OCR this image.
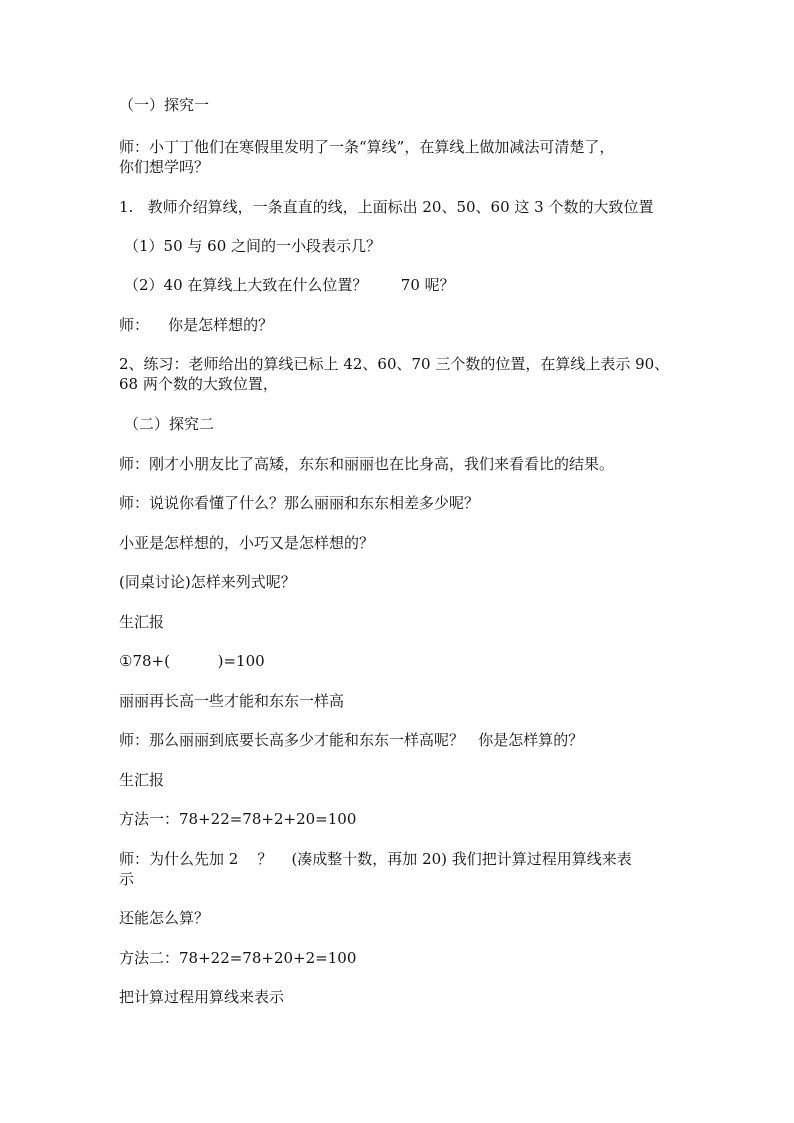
（一）探究一

师：小丁丁他们在寒假里发明了一条“算线”，在算线上做加减法可清楚了，

你们想学吗？

1.   教师介绍算线，一条直直的线，上面标出 20、50、60 这 3 个数的大致位置

（1）50 与 60 之间的一小段表示几？

（2）40 在算线上大致在什么位置？       70 呢？

师：    你是怎样想的？

2、练习：老师给出的算线已标上 42、60、70 三个数的位置，在算线上表示 90、

68 两个数的大致位置，

（二）探究二

师：刚才小朋友比了高矮，东东和丽丽也在比身高，我们来看看比的结果。

师：说说你看懂了什么？那么丽丽和东东相差多少呢？

小亚是怎样想的，小巧又是怎样想的？

(同桌讨论)怎样来列式呢？

生汇报

①78+(          )=100

丽丽再长高一些才能和东东一样高

师：那么丽丽到底要长高多少才能和东东一样高呢？   你是怎样算的？

生汇报

方法一：78+22=78+2+20=100

师：为什么先加 2    ？    (凑成整十数，再加 20) 我们把计算过程用算线来表

示

还能怎么算？

方法二：78+22=78+20+2=100

把计算过程用算线来表示
